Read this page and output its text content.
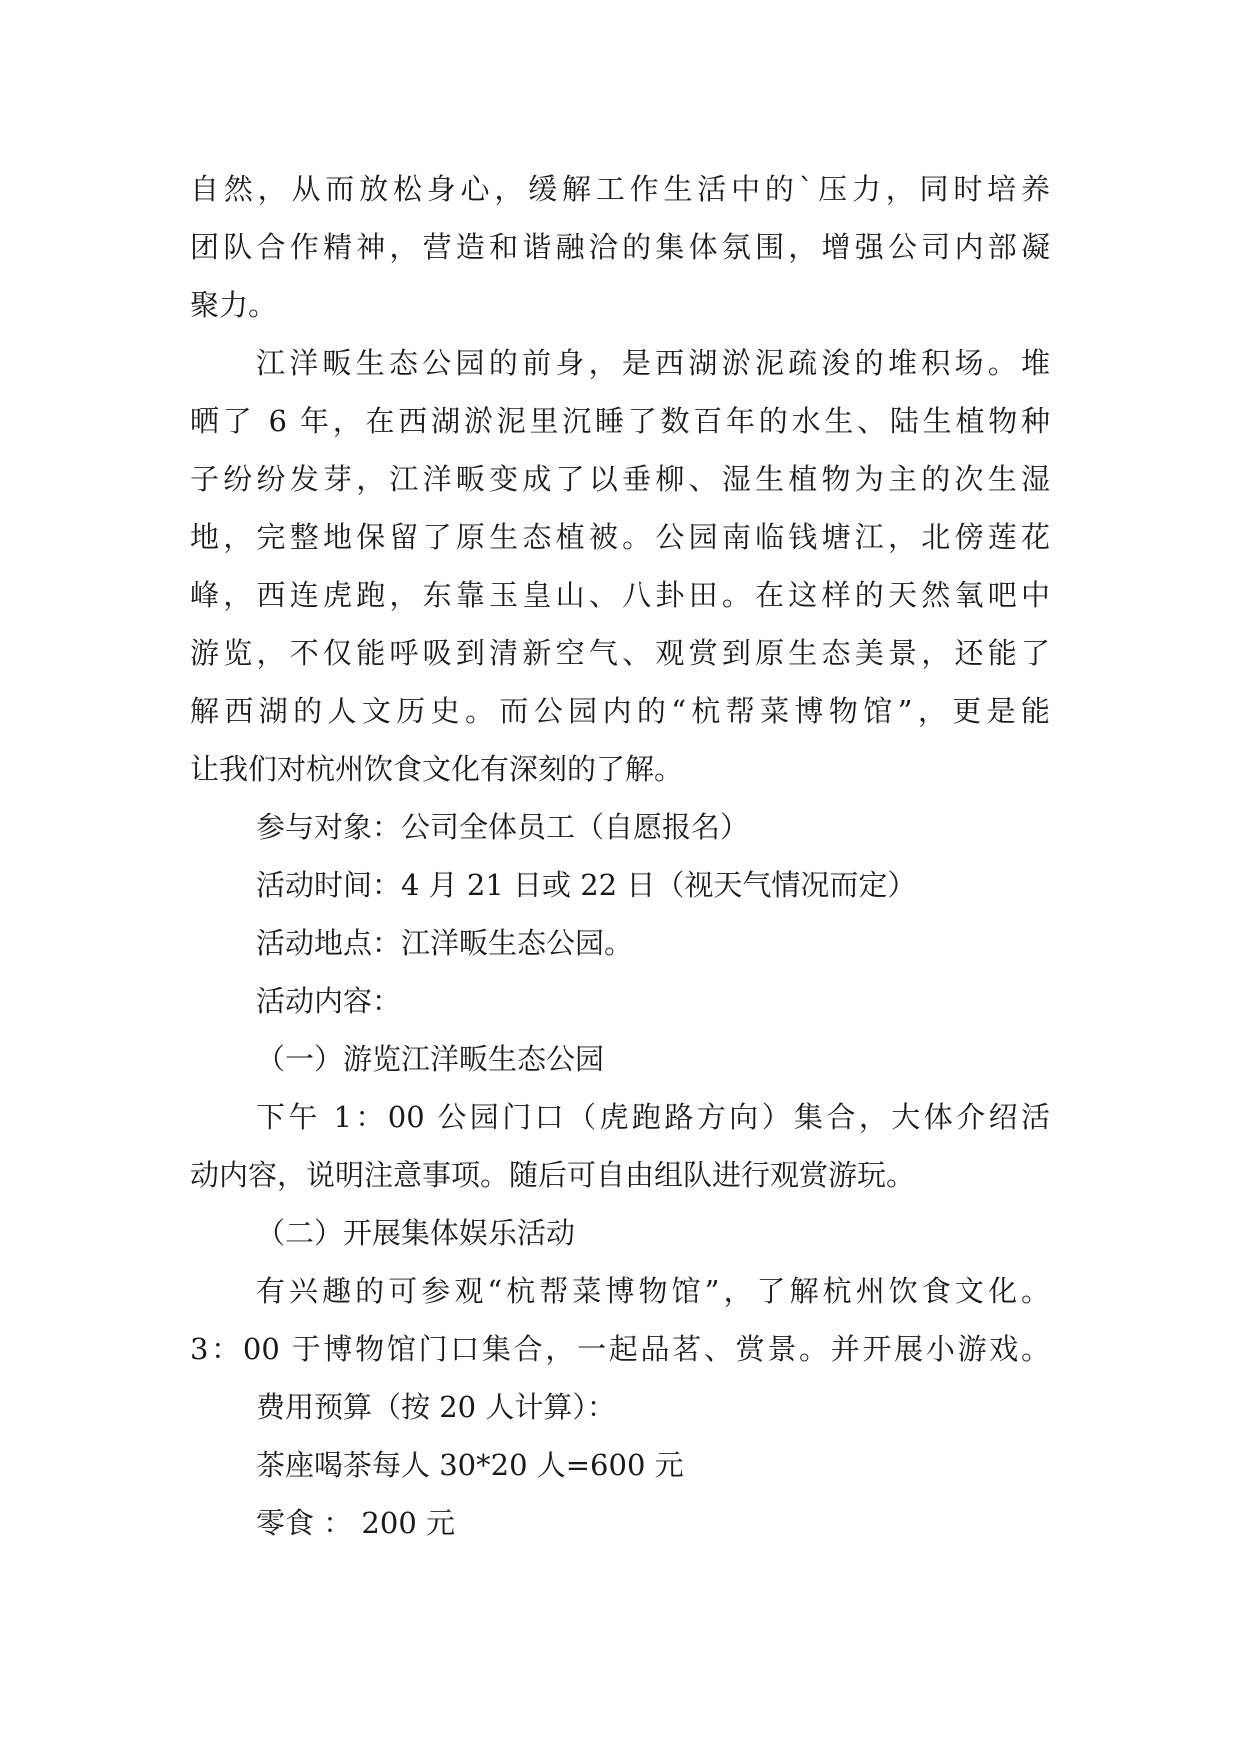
自然，从而放松身心，缓解工作生活中的`压力，同时培养
团队合作精神，营造和谐融洽的集体氛围，增强公司内部凝
聚力。
江洋畈生态公园的前身，是西湖淤泥疏浚的堆积场。堆
晒了 6 年，在西湖淤泥里沉睡了数百年的水生、陆生植物种
子纷纷发芽，江洋畈变成了以垂柳、湿生植物为主的次生湿
地，完整地保留了原生态植被。公园南临钱塘江，北傍莲花
峰，西连虎跑，东靠玉皇山、八卦田。在这样的天然氧吧中
游览，不仅能呼吸到清新空气、观赏到原生态美景，还能了
解西湖的人文历史。而公园内的“杭帮菜博物馆”，更是能
让我们对杭州饮食文化有深刻的了解。
参与对象：公司全体员工（自愿报名）
活动时间：4 月 21 日或 22 日（视天气情况而定）
活动地点：江洋畈生态公园。
活动内容：
（一）游览江洋畈生态公园
下午 1：00 公园门口（虎跑路方向）集合，大体介绍活
动内容，说明注意事项。随后可自由组队进行观赏游玩。
（二）开展集体娱乐活动
有兴趣的可参观“杭帮菜博物馆”，了解杭州饮食文化。
3：00 于博物馆门口集合，一起品茗、赏景。并开展小游戏。
费用预算（按 20 人计算）：
茶座喝茶每人 30*20 人=600 元
零食 ： 200 元
